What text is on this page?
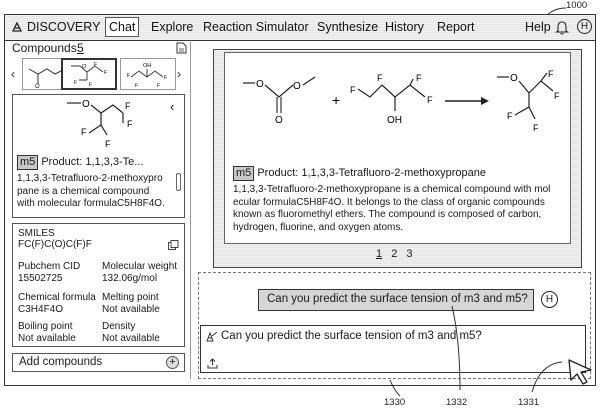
1000
DISCOVERY Chat	Explore Reaction Simulator Synthesize History Report	Help	H
Compounds 5
‹	›
O
O
F
F
F F
OH
F	F
F	F
O	F
F
F
F
‹
m5 Product: 1,1,3,3-Te...
1,1,3,3-Tetrafluoro-2-methoxypro
pane is a chemical compound
with molecular formulaC5H8F4O.
SMILES
FC(F)C(O)C(F)F
Pubchem CID
15502725
Molecular weight
132.06g/mol
Chemical formula
C3H4F4O
Melting point
Not available
Boiling point
Not available
Density
Not available
Add compounds	+
O
O
O
+
F
F	F
F
OH
O	F
F
F
F
m5 Product: 1,1,3,3-Tetrafluoro-2-methoxypropane
1,1,3,3-Tetrafluoro-2-methoxypropane is a chemical compound with mol
ecular formulaC5H8F4O. It belongs to the class of organic compounds
known as fluoromethyl ethers. The compound is composed of carbon,
hydrogen, fluorine, and oxygen atoms.
1 2 3
Can you predict the surface tension of m3 and m5?	H
Can you predict the surface tension of m3 and m5?
1330	1332	1331
